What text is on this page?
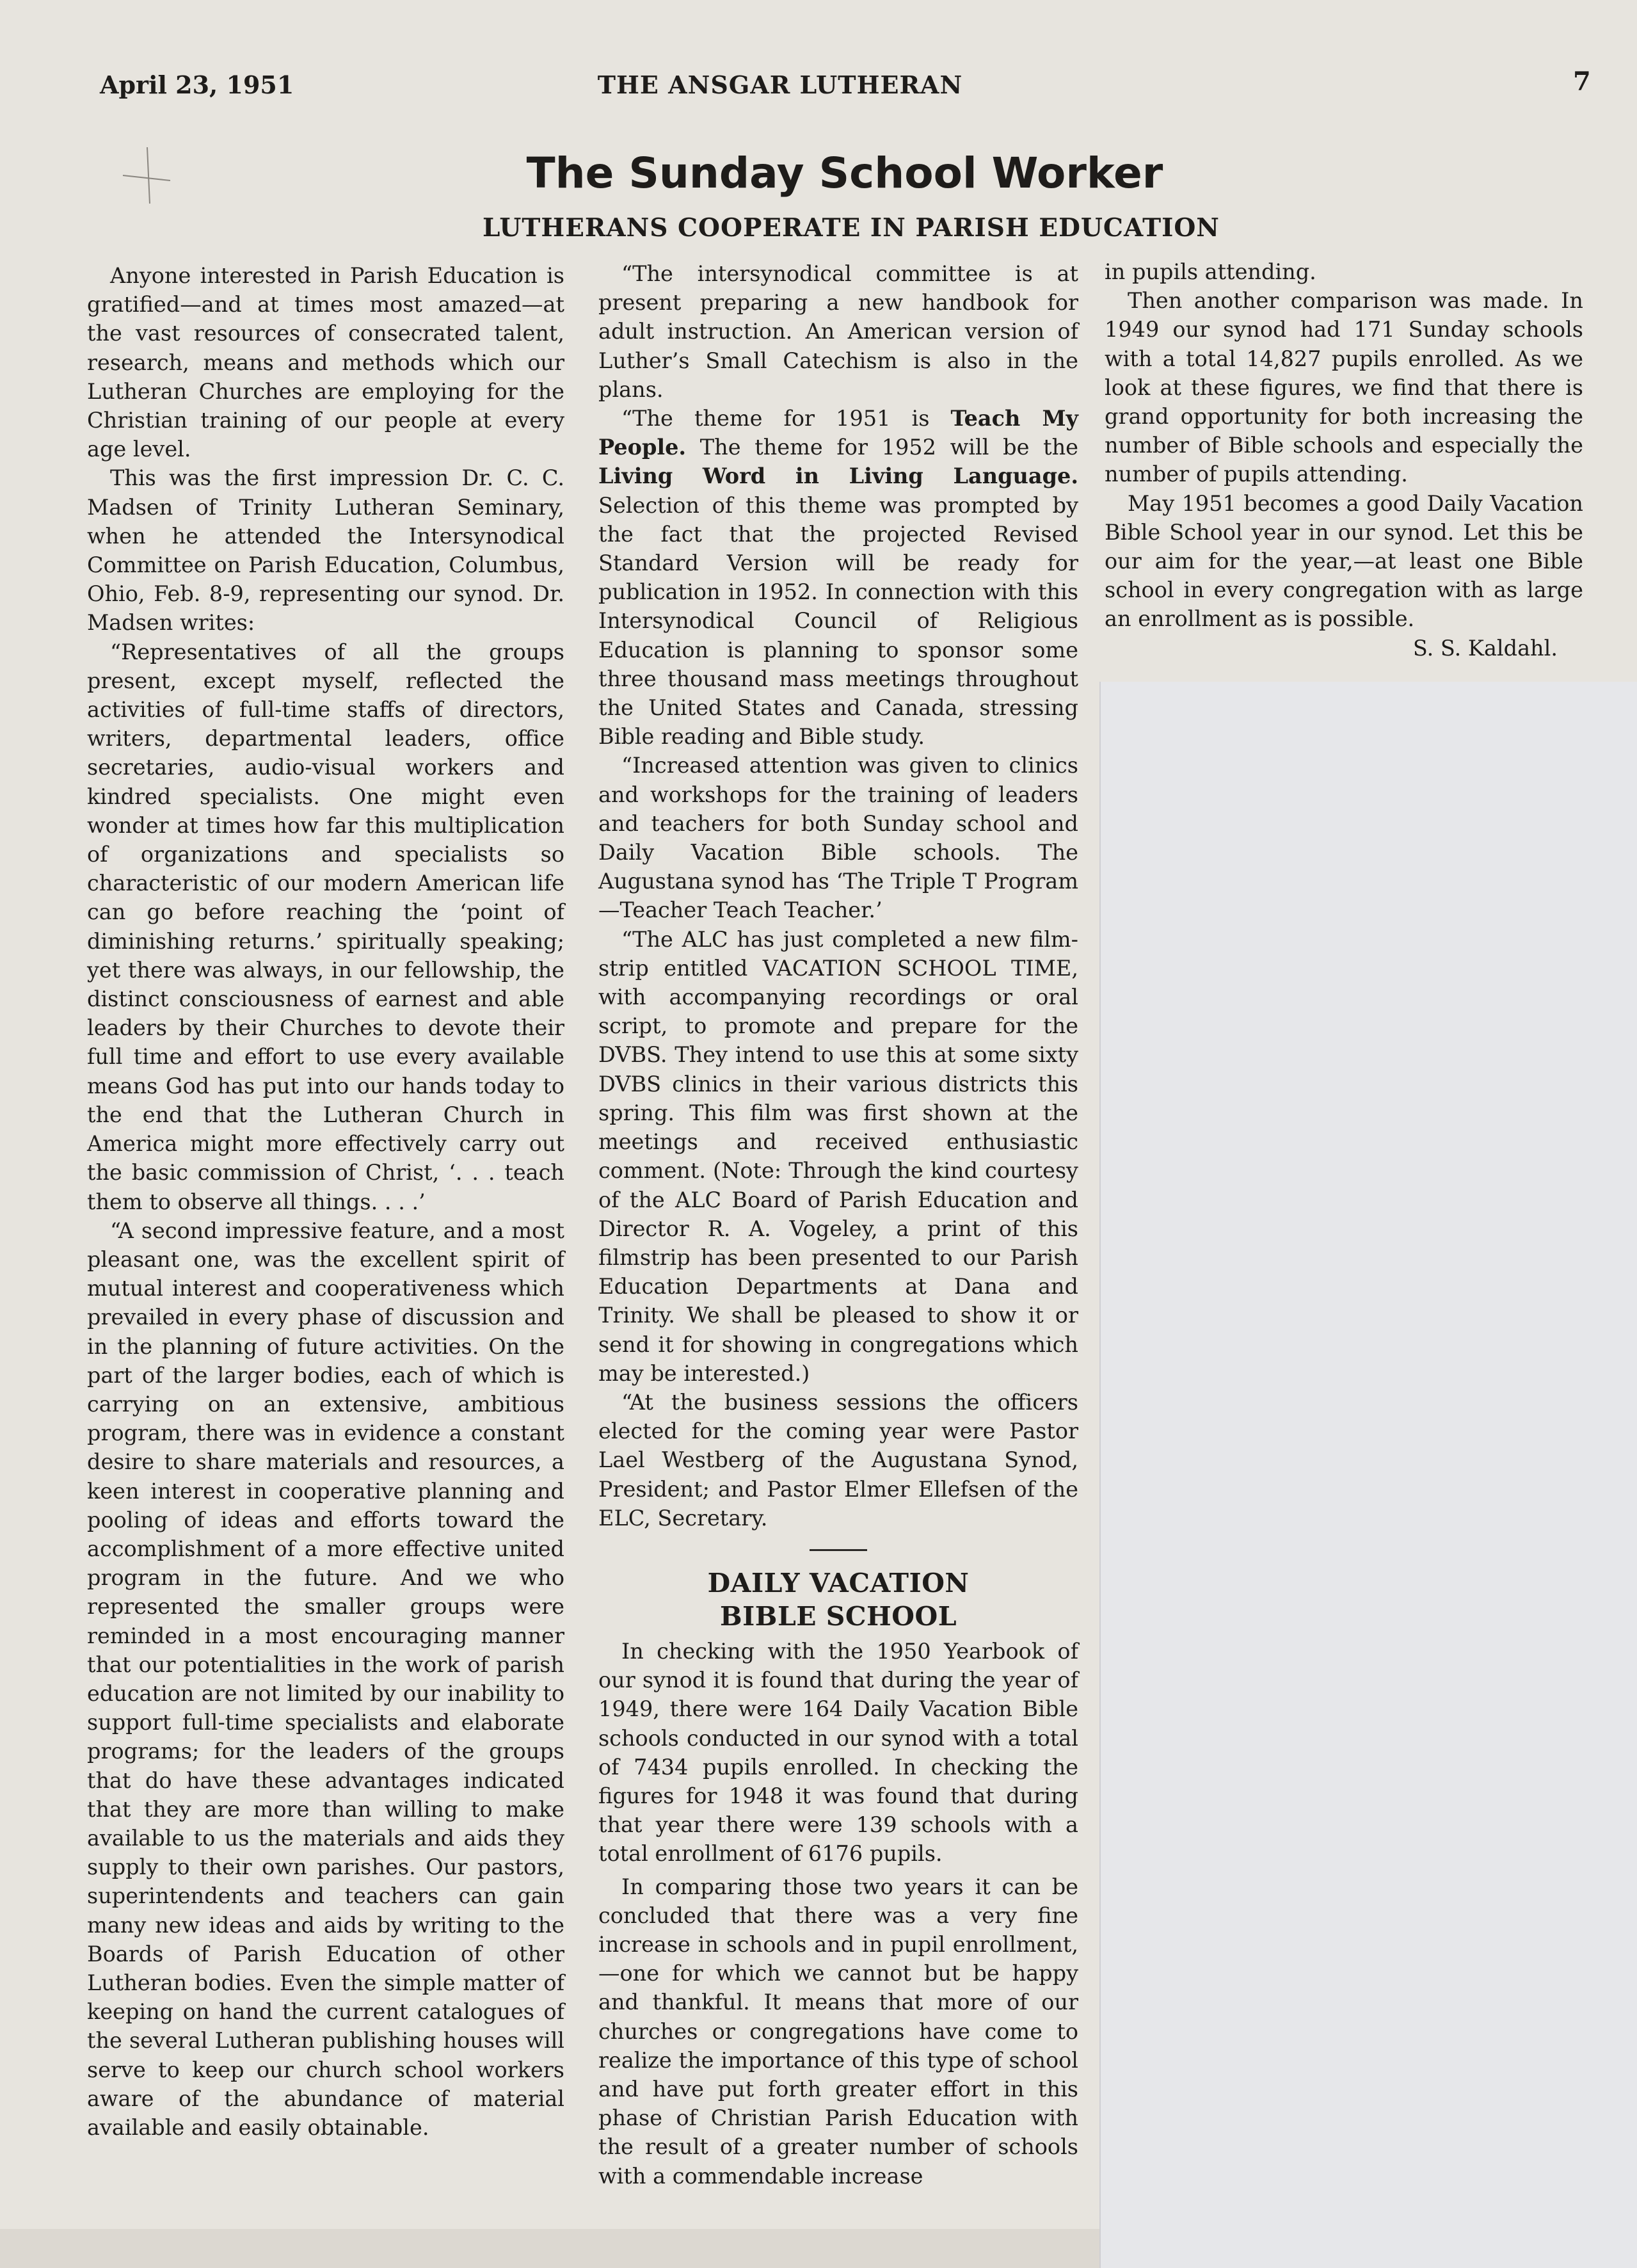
April 23, 1951	THE ANSGAR LUTHERAN	7
The Sunday School Worker
LUTHERANS COOPERATE IN PARISH EDUCATION

Anyone interested in Parish Education is gratified—and at times most amazed—at the vast resources of consecrated talent, research, means and methods which our Lutheran Churches are employing for the Christian training of our people at every age level.

This was the first impression Dr. C. C. Madsen of Trinity Lutheran Seminary, when he attended the Intersynodical Committee on Parish Education, Columbus, Ohio, Feb. 8-9, representing our synod. Dr. Madsen writes:

“Representatives of all the groups present, except myself, reflected the activities of full-time staffs of directors, writers, departmental leaders, office secretaries, audio-visual workers and kindred specialists. One might even wonder at times how far this multiplication of organizations and specialists so characteristic of our modern American life can go before reaching the ‘point of diminishing returns.’ spiritually speaking; yet there was always, in our fellowship, the distinct consciousness of earnest and able leaders by their Churches to devote their full time and effort to use every available means God has put into our hands today to the end that the Lutheran Church in America might more effectively carry out the basic commission of Christ, ‘. . . teach them to observe all things. . . .’

“A second impressive feature, and a most pleasant one, was the excellent spirit of mutual interest and cooperativeness which prevailed in every phase of discussion and in the planning of future activities. On the part of the larger bodies, each of which is carrying on an extensive, ambitious program, there was in evidence a constant desire to share materials and resources, a keen interest in cooperative planning and pooling of ideas and efforts toward the accomplishment of a more effective united program in the future. And we who represented the smaller groups were reminded in a most encouraging manner that our potentialities in the work of parish education are not limited by our inability to support full-time specialists and elaborate programs; for the leaders of the groups that do have these advantages indicated that they are more than willing to make available to us the materials and aids they supply to their own parishes. Our pastors, superintendents and teachers can gain many new ideas and aids by writing to the Boards of Parish Education of other Lutheran bodies. Even the simple matter of keeping on hand the current catalogues of the several Lutheran publishing houses will serve to keep our church school workers aware of the abundance of material available and easily obtainable.

“The intersynodical committee is at present preparing a new handbook for adult instruction. An American version of Luther’s Small Catechism is also in the plans.

“The theme for 1951 is Teach My People. The theme for 1952 will be the Living Word in Living Language. Selection of this theme was prompted by the fact that the projected Revised Standard Version will be ready for publication in 1952. In connection with this Intersynodical Council of Religious Education is planning to sponsor some three thousand mass meetings throughout the United States and Canada, stressing Bible reading and Bible study.

“Increased attention was given to clinics and workshops for the training of leaders and teachers for both Sunday school and Daily Vacation Bible schools. The Augustana synod has ‘The Triple T Program—Teacher Teach Teacher.’

“The ALC has just completed a new film-strip entitled VACATION SCHOOL TIME, with accompanying recordings or oral script, to promote and prepare for the DVBS. They intend to use this at some sixty DVBS clinics in their various districts this spring. This film was first shown at the meetings and received enthusiastic comment. (Note: Through the kind courtesy of the ALC Board of Parish Education and Director R. A. Vogeley, a print of this filmstrip has been presented to our Parish Education Departments at Dana and Trinity. We shall be pleased to show it or send it for showing in congregations which may be interested.)

“At the business sessions the officers elected for the coming year were Pastor Lael Westberg of the Augustana Synod, President; and Pastor Elmer Ellefsen of the ELC, Secretary.

DAILY VACATION
BIBLE SCHOOL

In checking with the 1950 Yearbook of our synod it is found that during the year of 1949, there were 164 Daily Vacation Bible schools conducted in our synod with a total of 7434 pupils enrolled. In checking the figures for 1948 it was found that during that year there were 139 schools with a total enrollment of 6176 pupils.

In comparing those two years it can be concluded that there was a very fine increase in schools and in pupil enrollment, —one for which we cannot but be happy and thankful. It means that more of our churches or congregations have come to realize the importance of this type of school and have put forth greater effort in this phase of Christian Parish Education with the result of a greater number of schools with a commendable increase

in pupils attending.

Then another comparison was made. In 1949 our synod had 171 Sunday schools with a total 14,827 pupils enrolled. As we look at these figures, we find that there is grand opportunity for both increasing the number of Bible schools and especially the number of pupils attending.

May 1951 becomes a good Daily Vacation Bible School year in our synod. Let this be our aim for the year,—at least one Bible school in every congregation with as large an enrollment as is possible.

S. S. Kaldahl.
